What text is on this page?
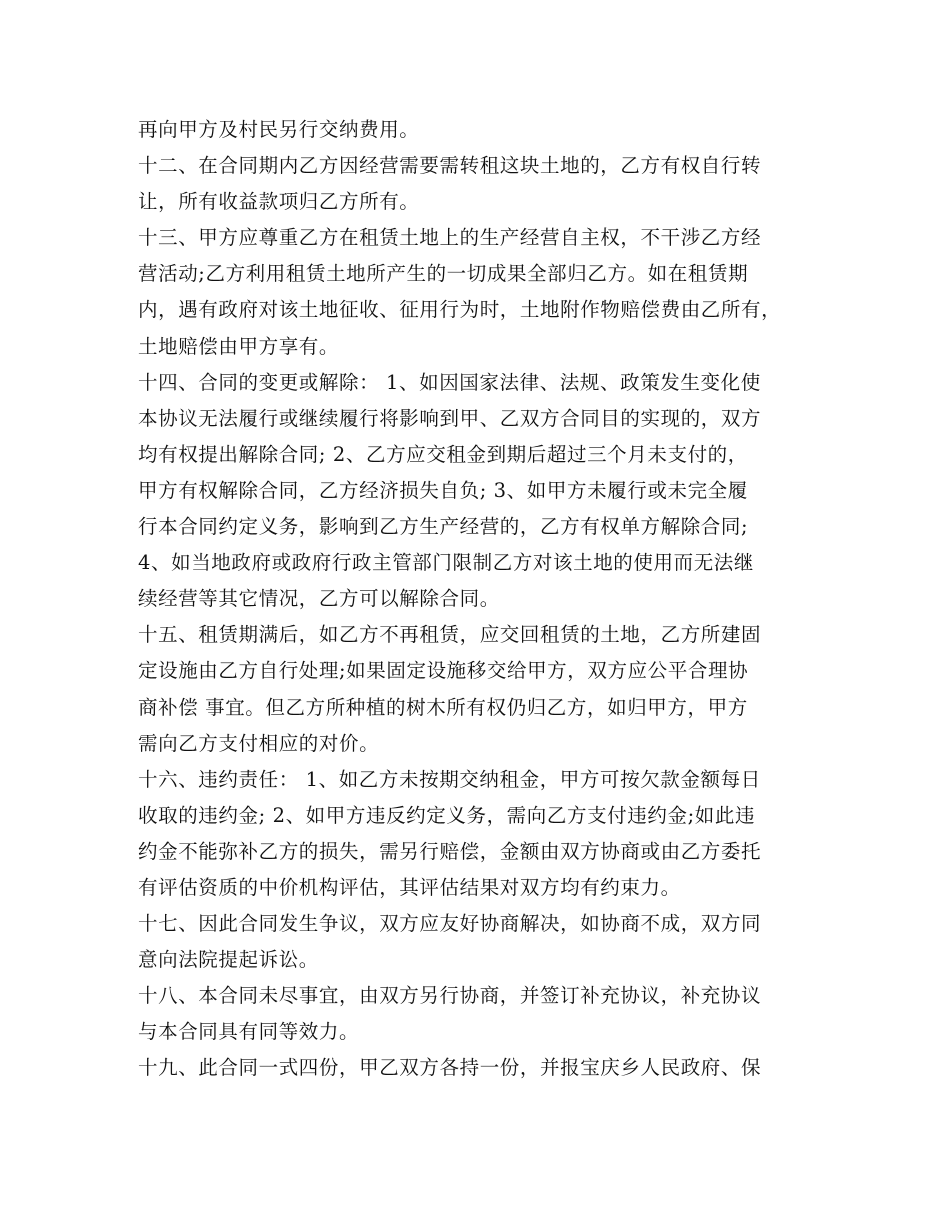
再向甲方及村民另行交纳费用。
十二、在合同期内乙方因经营需要需转租这块土地的，乙方有权自行转
让，所有收益款项归乙方所有。
十三、甲方应尊重乙方在租赁土地上的生产经营自主权，不干涉乙方经
营活动;乙方利用租赁土地所产生的一切成果全部归乙方。如在租赁期
内，遇有政府对该土地征收、征用行为时，土地附作物赔偿费由乙所有，
土地赔偿由甲方享有。
十四、合同的变更或解除： 1、如因国家法律、法规、政策发生变化使
本协议无法履行或继续履行将影响到甲、乙双方合同目的实现的，双方
均有权提出解除合同; 2、乙方应交租金到期后超过三个月未支付的，
甲方有权解除合同，乙方经济损失自负; 3、如甲方未履行或未完全履
行本合同约定义务，影响到乙方生产经营的，乙方有权单方解除合同;
4、如当地政府或政府行政主管部门限制乙方对该土地的使用而无法继
续经营等其它情况，乙方可以解除合同。
十五、租赁期满后，如乙方不再租赁，应交回租赁的土地，乙方所建固
定设施由乙方自行处理;如果固定设施移交给甲方，双方应公平合理协
商补偿 事宜。但乙方所种植的树木所有权仍归乙方，如归甲方，甲方
需向乙方支付相应的对价。
十六、违约责任： 1、如乙方未按期交纳租金，甲方可按欠款金额每日
收取的违约金; 2、如甲方违反约定义务，需向乙方支付违约金;如此违
约金不能弥补乙方的损失，需另行赔偿，金额由双方协商或由乙方委托
有评估资质的中价机构评估，其评估结果对双方均有约束力。
十七、因此合同发生争议，双方应友好协商解决，如协商不成，双方同
意向法院提起诉讼。
十八、本合同未尽事宜，由双方另行协商，并签订补充协议，补充协议
与本合同具有同等效力。
十九、此合同一式四份，甲乙双方各持一份，并报宝庆乡人民政府、保
